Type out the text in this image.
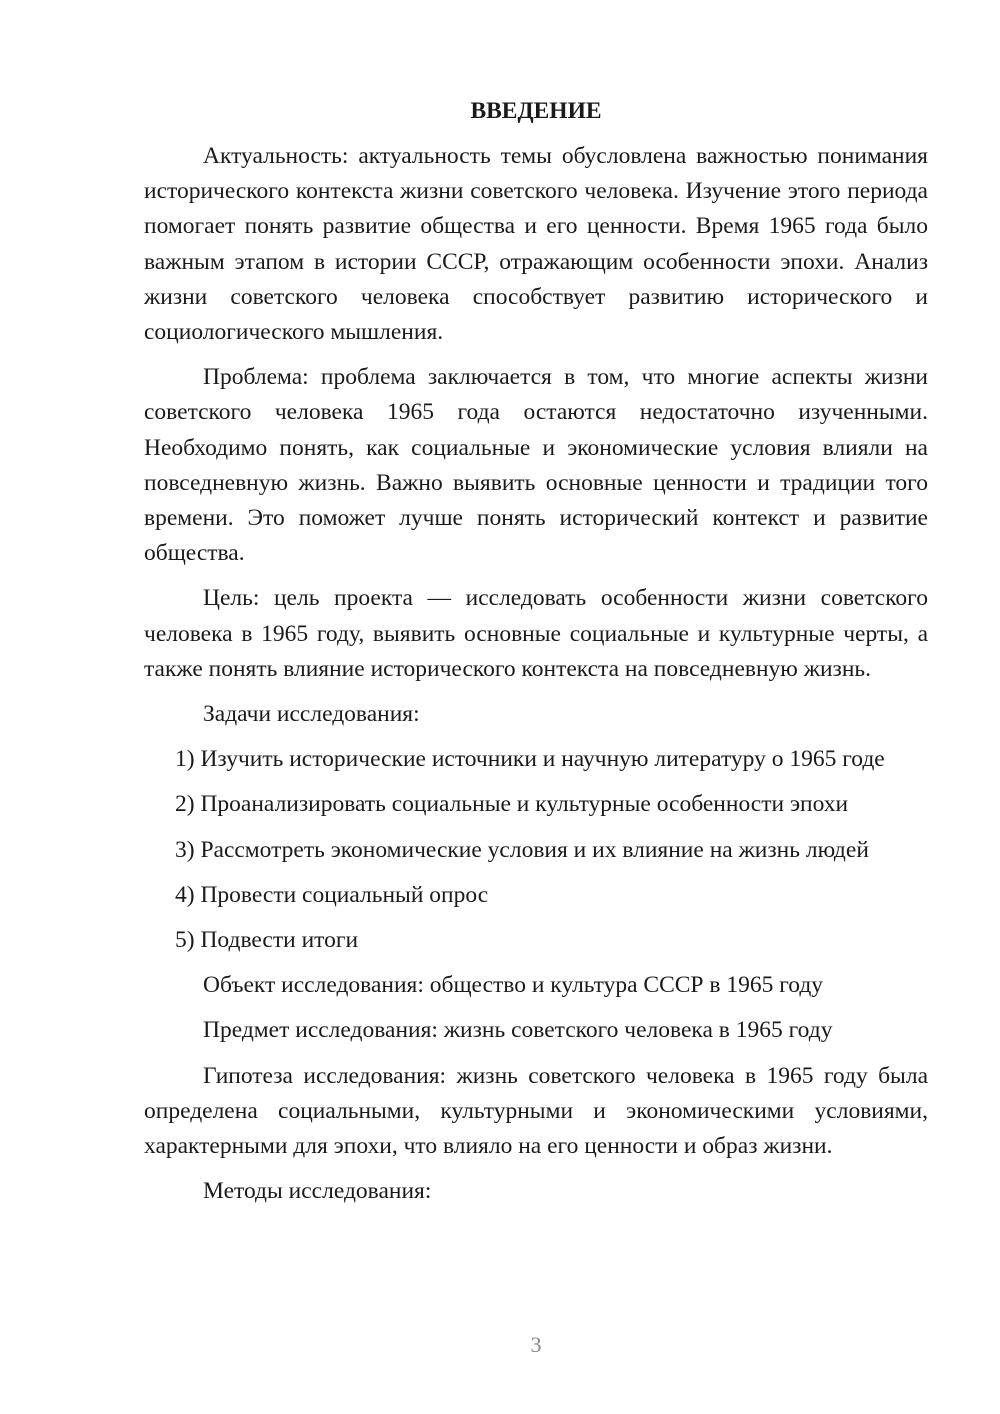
ВВЕДЕНИЕ

Актуальность: актуальность темы обусловлена важностью понимания исторического контекста жизни советского человека. Изучение этого периода помогает понять развитие общества и его ценности. Время 1965 года было важным этапом в истории СССР, отражающим особенности эпохи. Анализ жизни советского человека способствует развитию исторического и социологического мышления.

Проблема: проблема заключается в том, что многие аспекты жизни советского человека 1965 года остаются недостаточно изученными. Необходимо понять, как социальные и экономические условия влияли на повседневную жизнь. Важно выявить основные ценности и традиции того времени. Это поможет лучше понять исторический контекст и развитие общества.

Цель: цель проекта — исследовать особенности жизни советского человека в 1965 году, выявить основные социальные и культурные черты, а также понять влияние исторического контекста на повседневную жизнь.

Задачи исследования:
1) Изучить исторические источники и научную литературу о 1965 годе
2) Проанализировать социальные и культурные особенности эпохи
3) Рассмотреть экономические условия и их влияние на жизнь людей
4) Провести социальный опрос
5) Подвести итоги
Объект исследования: общество и культура СССР в 1965 году
Предмет исследования: жизнь советского человека в 1965 году

Гипотеза исследования: жизнь советского человека в 1965 году была определена социальными, культурными и экономическими условиями, характерными для эпохи, что влияло на его ценности и образ жизни.

Методы исследования:
3
